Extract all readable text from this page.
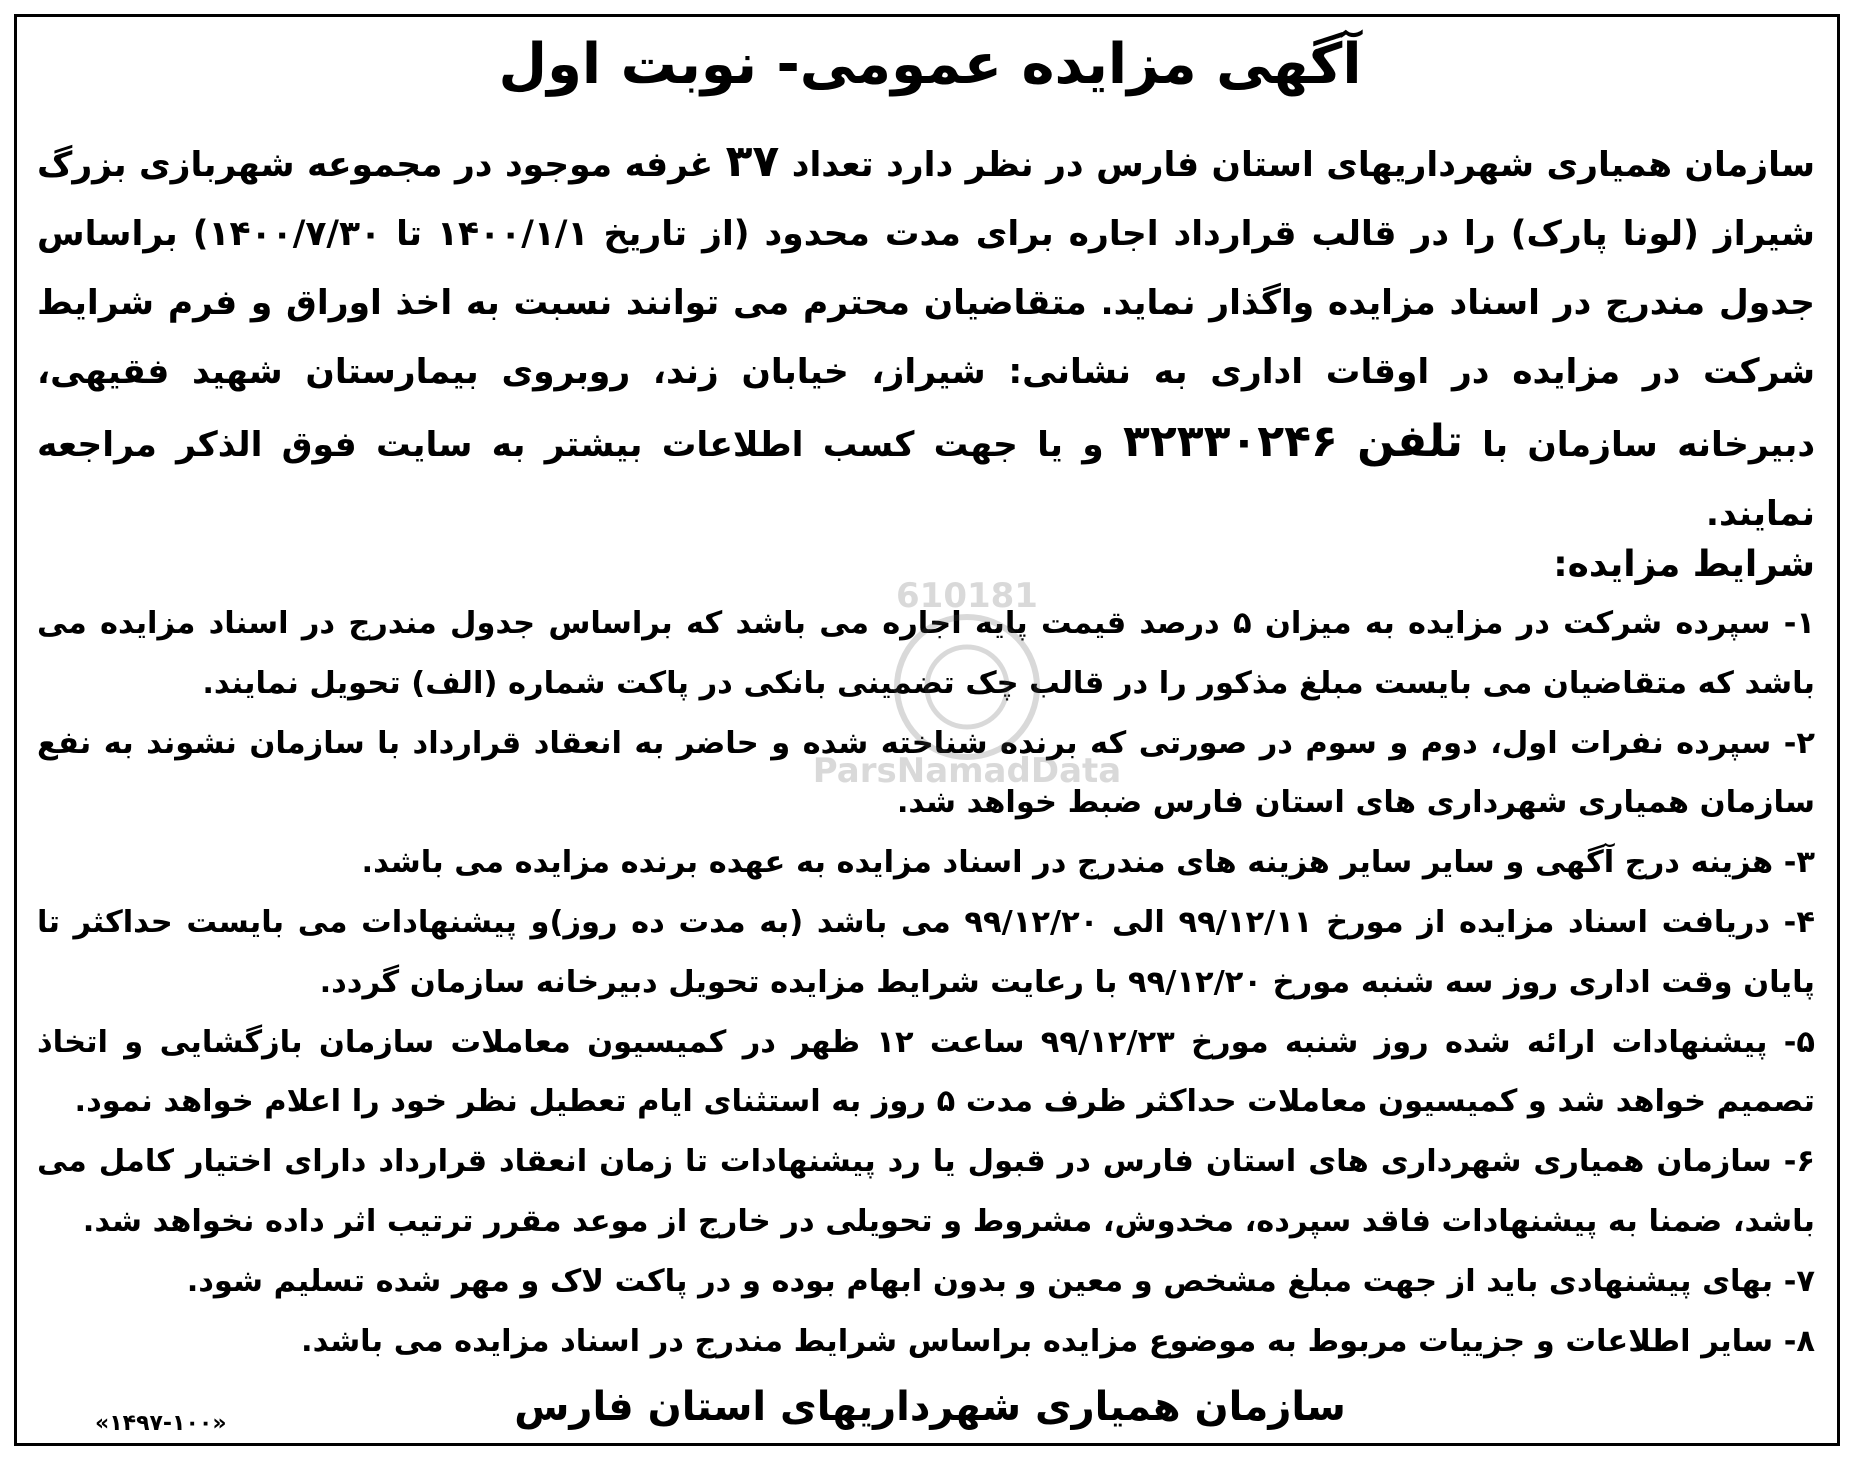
آگهی مزایده عمومی- نوبت اول
سازمان همیاری شهرداریهای استان فارس در نظر دارد تعداد ۳۷ غرفه موجود در مجموعه شهربازی بزرگ شیراز (لونا پارک) را در قالب قرارداد اجاره برای مدت محدود (از تاریخ ۱۴۰۰/۱/۱ تا ۱۴۰۰/۷/۳۰) براساس جدول مندرج در اسناد مزایده واگذار نماید. متقاضیان محترم می توانند نسبت به اخذ اوراق و فرم شرایط شرکت در مزایده در اوقات اداری به نشانی: شیراز، خیابان زند، روبروی بیمارستان شهید فقیهی، دبیرخانه سازمان با تلفن ۳۲۳۳۰۲۴۶ و یا جهت کسب اطلاعات بیشتر به سایت فوق الذکر مراجعه نمایند.
شرایط مزایده:
۱- سپرده شرکت در مزایده به میزان ۵ درصد قیمت پایه اجاره می باشد که براساس جدول مندرج در اسناد مزایده می باشد که متقاضیان می بایست مبلغ مذکور را در قالب چک تضمینی بانکی در پاکت شماره (الف) تحویل نمایند.
۲- سپرده نفرات اول، دوم و سوم در صورتی که برنده شناخته شده و حاضر به انعقاد قرارداد با سازمان نشوند به نفع سازمان همیاری شهرداری های استان فارس ضبط خواهد شد.
۳- هزینه درج آگهی و سایر سایر هزینه های مندرج در اسناد مزایده به عهده برنده مزایده می باشد.
۴- دریافت اسناد مزایده از مورخ ۹۹/۱۲/۱۱ الی ۹۹/۱۲/۲۰ می باشد (به مدت ده روز)و پیشنهادات می بایست حداکثر تا پایان وقت اداری روز سه شنبه مورخ ۹۹/۱۲/۲۰ با رعایت شرایط مزایده تحویل دبیرخانه سازمان گردد.
۵- پیشنهادات ارائه شده روز شنبه مورخ ۹۹/۱۲/۲۳ ساعت ۱۲ ظهر در کمیسیون معاملات سازمان بازگشایی و اتخاذ تصمیم خواهد شد و کمیسیون معاملات حداکثر ظرف مدت ۵ روز به استثنای ایام تعطیل نظر خود را اعلام خواهد نمود.
۶- سازمان همیاری شهرداری های استان فارس در قبول یا رد پیشنهادات تا زمان انعقاد قرارداد دارای اختیار کامل می باشد، ضمنا به پیشنهادات فاقد سپرده، مخدوش، مشروط و تحویلی در خارج از موعد مقرر ترتیب اثر داده نخواهد شد.
۷- بهای پیشنهادی باید از جهت مبلغ مشخص و معین و بدون ابهام بوده و در پاکت لاک و مهر شده تسلیم شود.
۸- سایر اطلاعات و جزییات مربوط به موضوع مزایده براساس شرایط مندرج در اسناد مزایده می باشد.
610181
ParsNamadData
سازمان همیاری شهرداریهای استان فارس
«۱۴۹۷-۱۰۰»
